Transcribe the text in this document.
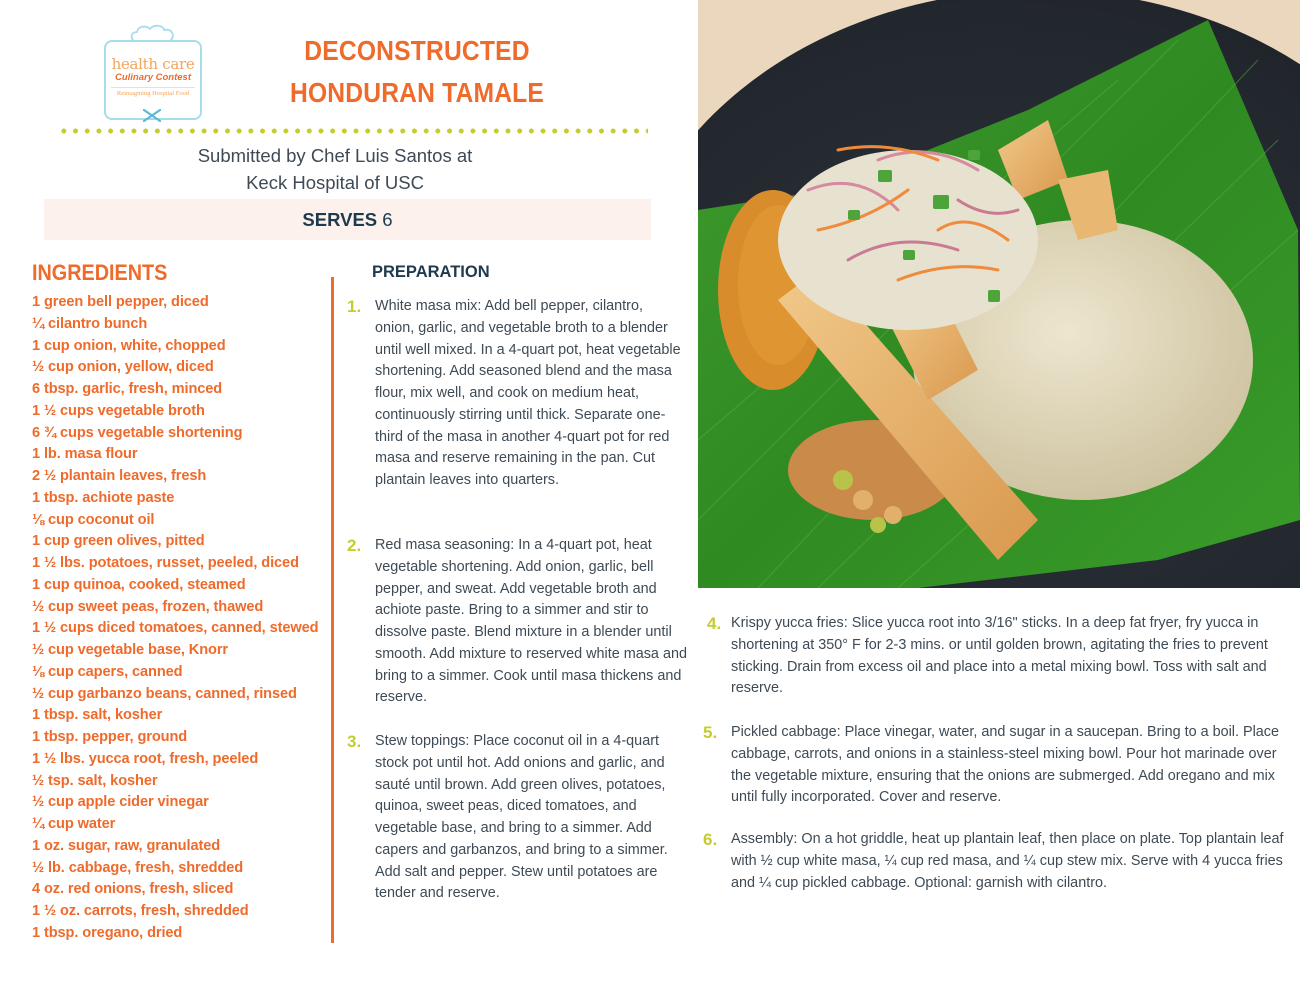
health care
Culinary Contest
Reimagining Hospital Food
DECONSTRUCTED
HONDURAN TAMALE
Submitted by Chef Luis Santos at
Keck Hospital of USC
SERVES 6
INGREDIENTS
1 green bell pepper, diced
¼ cilantro bunch
1 cup onion, white, chopped
½ cup onion, yellow, diced
6 tbsp. garlic, fresh, minced
1 ½ cups vegetable broth
6 ¾ cups vegetable shortening
1 lb. masa flour
2 ½ plantain leaves, fresh
1 tbsp. achiote paste
⅛ cup coconut oil
1 cup green olives, pitted
1 ½ lbs. potatoes, russet, peeled, diced
1 cup quinoa, cooked, steamed
½ cup sweet peas, frozen, thawed
1 ½ cups diced tomatoes, canned, stewed
½ cup vegetable base, Knorr
⅛ cup capers, canned
½ cup garbanzo beans, canned, rinsed
1 tbsp. salt, kosher
1 tbsp. pepper, ground
1 ½ lbs. yucca root, fresh, peeled
½ tsp. salt, kosher
½ cup apple cider vinegar
¼ cup water
1 oz. sugar, raw, granulated
½ lb. cabbage, fresh, shredded
4 oz. red onions, fresh, sliced
1 ½ oz. carrots, fresh, shredded
1 tbsp. oregano, dried
PREPARATION
1. White masa mix: Add bell pepper, cilantro, onion, garlic, and vegetable broth to a blender until well mixed. In a 4-quart pot, heat vegetable shortening. Add seasoned blend and the masa flour, mix well, and cook on medium heat, continuously stirring until thick. Separate one-third of the masa in another 4-quart pot for red masa and reserve remaining in the pan. Cut plantain leaves into quarters.
2. Red masa seasoning: In a 4-quart pot, heat vegetable shortening. Add onion, garlic, bell pepper, and sweat. Add vegetable broth and achiote paste. Bring to a simmer and stir to dissolve paste. Blend mixture in a blender until smooth. Add mixture to reserved white masa and bring to a simmer. Cook until masa thickens and reserve.
3. Stew toppings: Place coconut oil in a 4-quart stock pot until hot. Add onions and garlic, and sauté until brown. Add green olives, potatoes, quinoa, sweet peas, diced tomatoes, and vegetable base, and bring to a simmer. Add capers and garbanzos, and bring to a simmer. Add salt and pepper. Stew until potatoes are tender and reserve.
4. Krispy yucca fries: Slice yucca root into 3/16" sticks. In a deep fat fryer, fry yucca in shortening at 350° F for 2-3 mins. or until golden brown, agitating the fries to prevent sticking. Drain from excess oil and place into a metal mixing bowl. Toss with salt and reserve.
5. Pickled cabbage: Place vinegar, water, and sugar in a saucepan. Bring to a boil. Place cabbage, carrots, and onions in a stainless-steel mixing bowl. Pour hot marinade over the vegetable mixture, ensuring that the onions are submerged. Add oregano and mix until fully incorporated. Cover and reserve.
6. Assembly: On a hot griddle, heat up plantain leaf, then place on plate. Top plantain leaf with ½ cup white masa, ¼ cup red masa, and ¼ cup stew mix. Serve with 4 yucca fries and ¼ cup pickled cabbage. Optional: garnish with cilantro.
